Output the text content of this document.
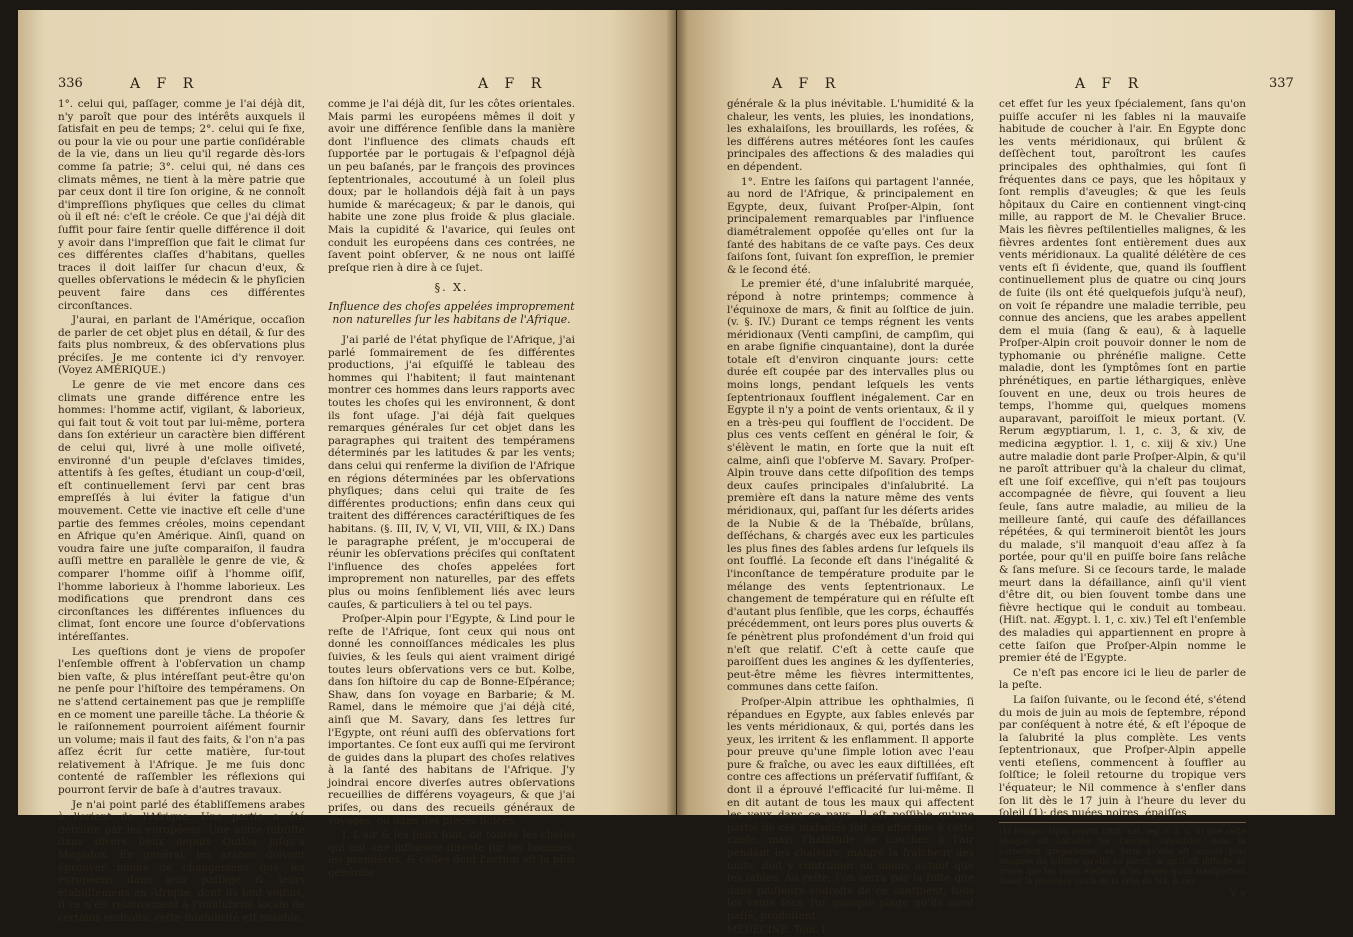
336	A F R	A F R

1°. celui qui, paſſager, comme je l'ai déjà dit, n'y paroît que pour des intérêts auxquels il ſatisfait en peu de temps; 2°. celui qui ſe fixe, ou pour la vie ou pour une partie conſidérable de la vie, dans un lieu qu'il regarde dès-lors comme ſa patrie; 3°. celui qui, né dans ces climats mêmes, ne tient à la mère patrie que par ceux dont il tire ſon origine, & ne connoît d'impreſſions phyſiques que celles du climat où il eſt né: c'eſt le créole. Ce que j'ai déjà dit ſuffit pour faire ſentir quelle différence il doit y avoir dans l'impreſſion que fait le climat ſur ces différentes claſſes d'habitans, quelles traces il doit laiſſer ſur chacun d'eux, & quelles obſervations le médecin & le phyſicien peuvent faire dans ces différentes circonſtances.

J'aurai, en parlant de l'Amérique, occaſion de parler de cet objet plus en détail, & ſur des faits plus nombreux, & des obſervations plus préciſes. Je me contente ici d'y renvoyer. (Voyez AMÉRIQUE.)

Le genre de vie met encore dans ces climats une grande différence entre les hommes: l'homme actif, vigilant, & laborieux, qui fait tout & voit tout par lui-même, portera dans ſon extérieur un caractère bien différent de celui qui, livré à une molle oiſiveté, environné d'un peuple d'eſclaves timides, attentifs à ſes geſtes, étudiant un coup-d'œil, eſt continuellement ſervi par cent bras empreſſés à lui éviter la fatigue d'un mouvement. Cette vie inactive eſt celle d'une partie des femmes créoles, moins cependant en Afrique qu'en Amérique. Ainſi, quand on voudra faire une juſte comparaiſon, il faudra auſſi mettre en parallèle le genre de vie, & comparer l'homme oiſif à l'homme oiſif, l'homme laborieux à l'homme laborieux. Les modifications que prendront dans ces circonſtances les différentes influences du climat, ſont encore une ſource d'obſervations intéreſſantes.

Les queſtions dont je viens de propoſer l'enſemble offrent à l'obſervation un champ bien vaſte, & plus intéreſſant peut-être qu'on ne penſe pour l'hiſtoire des tempéramens. On ne s'attend certainement pas que je rempliſſe en ce moment une pareille tâche. La théorie & le raiſonnement pourroient aiſément fournir un volume; mais il faut des faits, & l'on n'a pas aſſez écrit ſur cette matière, ſur-tout relativement à l'Afrique. Je me ſuis donc contenté de raſſembler les réflexions qui pourront ſervir de baſe à d'autres travaux.

Je n'ai point parlé des établiſſemens arabes à l'orient de l'Afrique. Une partie a été détruite par les européens. Une autre ſubſiſte dans divers lieux depuis Quiloa juſqu'à Magadox. En général, les arabes doivent éprouver moins de changemens que les européens dans leur paſſage & leurs établiſſemens en Afrique, dont ils ſont voiſins, ſi ce n'eſt relativement à l'inſalubrité locale de certains endroits: cette inſalubrité eſt notable,

comme je l'ai déjà dit, ſur les côtes orientales. Mais parmi les européens mêmes il doit y avoir une différence ſenſible dans la manière dont l'influence des climats chauds eſt ſupportée par le portugais & l'eſpagnol déjà un peu baſanés, par le françois des provinces ſeptentrionales, accoutumé à un ſoleil plus doux; par le hollandois déjà fait à un pays humide & marécageux; & par le danois, qui habite une zone plus froide & plus glaciale. Mais la cupidité & l'avarice, qui ſeules ont conduit les européens dans ces contrées, ne ſavent point obſerver, & ne nous ont laiſſé preſque rien à dire à ce ſujet.

§. X.
Influence des choſes appelées improprement non naturelles ſur les habitans de l'Afrique.

J'ai parlé de l'état phyſique de l'Afrique, j'ai parlé ſommairement de ſes différentes productions, j'ai eſquiſſé le tableau des hommes qui l'habitent; il faut maintenant montrer ces hommes dans leurs rapports avec toutes les choſes qui les environnent, & dont ils font uſage. J'ai déjà fait quelques remarques générales ſur cet objet dans les paragraphes qui traitent des tempéramens déterminés par les latitudes & par les vents; dans celui qui renferme la diviſion de l'Afrique en régions déterminées par les obſervations phyſiques; dans celui qui traite de ſes différentes productions; enfin dans ceux qui traitent des différences caractériſtiques de ſes habitans. (§. III, IV, V, VI, VII, VIII, & IX.) Dans le paragraphe préſent, je m'occuperai de réunir les obſervations préciſes qui conſtatent l'influence des choſes appelées fort improprement non naturelles, par des effets plus ou moins ſenſiblement liés avec leurs cauſes, & particuliers à tel ou tel pays.

Proſper-Alpin pour l'Egypte, & Lind pour le reſte de l'Afrique, ſont ceux qui nous ont donné les connoiſſances médicales les plus ſuivies, & les ſeuls qui aient vraiment dirigé toutes leurs obſervations vers ce but. Kolbe, dans ſon hiſtoire du cap de Bonne-Eſpérance; Shaw, dans ſon voyage en Barbarie; & M. Ramel, dans le mémoire que j'ai déjà cité, ainſi que M. Savary, dans ſes lettres ſur l'Egypte, ont réuni auſſi des obſervations fort importantes. Ce ſont eux auſſi qui me ſerviront de guides dans la plupart des choſes relatives à la ſanté des habitans de l'Afrique. J'y joindrai encore diverſes autres obſervations recueillies de différens voyageurs, & que j'ai priſes, ou dans des recueils généraux de voyages, ou dans des pièces iſolées.

I. L'air & les lieux ſont, de toutes les choſes qui ont une influence directe ſur les hommes, les premières, & celles dont l'action eſt la plus générale

A F R	A F R	337

générale & la plus inévitable. L'humidité & la chaleur, les vents, les pluies, les inondations, les exhalaiſons, les brouillards, les roſées, & les différens autres météores ſont les cauſes principales des affections & des maladies qui en dépendent.

1°. Entre les ſaiſons qui partagent l'année, au nord de l'Afrique, & principalement en Egypte, deux, ſuivant Proſper-Alpin, ſont principalement remarquables par l'influence diamétralement oppoſée qu'elles ont ſur la ſanté des habitans de ce vaſte pays. Ces deux ſaiſons ſont, ſuivant ſon expreſſion, le premier & le ſecond été.

Le premier été, d'une inſalubrité marquée, répond à notre printemps; commence à l'équinoxe de mars, & finit au ſolſtice de juin. (v. §. IV.) Durant ce temps régnent les vents méridionaux (Venti campſini, de campſim, qui en arabe ſignifie cinquantaine), dont la durée totale eſt d'environ cinquante jours: cette durée eſt coupée par des intervalles plus ou moins longs, pendant leſquels les vents ſeptentrionaux ſoufflent inégalement. Car en Egypte il n'y a point de vents orientaux, & il y en a très-peu qui ſoufflent de l'occident. De plus ces vents ceſſent en général le ſoir, & s'élèvent le matin, en ſorte que la nuit eſt calme, ainſi que l'obſerve M. Savary. Proſper-Alpin trouve dans cette diſpoſition des temps deux cauſes principales d'inſalubrité. La première eſt dans la nature même des vents méridionaux, qui, paſſant ſur les déſerts arides de la Nubie & de la Thébaïde, brûlans, deſſéchans, & chargés avec eux les particules les plus fines des ſables ardens ſur leſquels ils ont ſoufflé. La ſeconde eſt dans l'inégalité & l'inconſtance de température produite par le mélange des vents ſeptentrionaux. Le changement de température qui en réſulte eſt d'autant plus ſenſible, que les corps, échauffés précédemment, ont leurs pores plus ouverts & ſe pénètrent plus profondément d'un froid qui n'eſt que relatif. C'eſt à cette cauſe que paroiſſent dues les angines & les dyſſenteries, peut-être même les fièvres intermittentes, communes dans cette ſaiſon.

Proſper-Alpin attribue les ophthalmies, ſi répandues en Egypte, aux ſables enlevés par les vents méridionaux, & qui, portés dans les yeux, les irritent & les enflamment. Il apporte pour preuve qu'une ſimple lotion avec l'eau pure & fraîche, ou avec les eaux diſtillées, eſt contre ces affections un préſervatif ſuffiſant, & dont il a éprouvé l'efficacité ſur lui-même. Il en dit autant de tous les maux qui affectent les yeux dans ce pays. Il eſt poſſible qu'une partie de ces maladies ſoit en effet due à cette cauſe; mais l'habitude de coucher à l'air pendant les chaleurs, malgré la fraîcheur des nuits, doit y contribuer au moins autant que les ſables. Au reſte, l'on verra par la ſuite que dans pluſieurs endroits de ce continent, tous les vents ſecs, ſur quelque plage qu'ils aient paſſé, produiſent

MÉDECINE. Tom. I.

cet effet ſur les yeux ſpécialement, ſans qu'on puiſſe accuſer ni les ſables ni la mauvaiſe habitude de coucher à l'air. En Egypte donc les vents méridionaux, qui brûlent & deſſèchent tout, paroîtront les cauſes principales des ophthalmies, qui ſont ſi fréquentes dans ce pays, que les hôpitaux y ſont remplis d'aveugles; & que les ſeuls hôpitaux du Caire en contiennent vingt-cinq mille, au rapport de M. le Chevalier Bruce. Mais les fièvres peſtilentielles malignes, & les fièvres ardentes ſont entièrement dues aux vents méridionaux. La qualité délétère de ces vents eſt ſi évidente, que, quand ils ſoufflent continuellement plus de quatre ou cinq jours de ſuite (ils ont été quelquefois juſqu'à neuf), on voit ſe répandre une maladie terrible, peu connue des anciens, que les arabes appellent dem el muia (ſang & eau), & à laquelle Proſper-Alpin croit pouvoir donner le nom de typhomanie ou phrénéſie maligne. Cette maladie, dont les ſymptômes ſont en partie phrénétiques, en partie léthargiques, enlève ſouvent en une, deux ou trois heures de temps, l'homme qui, quelques momens auparavant, paroiſſoit le mieux portant. (V. Rerum ægyptiarum, l. 1, c. 3, & xiv, de medicina ægyptior. l. 1, c. xiij & xiv.) Une autre maladie dont parle Proſper-Alpin, & qu'il ne paroît attribuer qu'à la chaleur du climat, eſt une ſoif exceſſive, qui n'eſt pas toujours accompagnée de fièvre, qui ſouvent a lieu ſeule, ſans autre maladie, au milieu de la meilleure ſanté, qui cauſe des défaillances répétées, & qui termineroit bientôt les jours du malade, s'il manquoit d'eau aſſez à ſa portée, pour qu'il en puiſſe boire ſans relâche & ſans meſure. Si ce ſecours tarde, le malade meurt dans la défaillance, ainſi qu'il vient d'être dit, ou bien ſouvent tombe dans une fièvre hectique qui le conduit au tombeau. (Hiſt. nat. Ægypt. l. 1, c. xiv.) Tel eſt l'enſemble des maladies qui appartiennent en propre à cette ſaiſon que Proſper-Alpin nomme le premier été de l'Egypte.

Ce n'eſt pas encore ici le lieu de parler de la peſte.

La ſaiſon ſuivante, ou le ſecond été, s'étend du mois de juin au mois de ſeptembre, répond par conſéquent à notre été, & eſt l'époque de la ſalubrité la plus complète. Les vents ſeptentrionaux, que Proſper-Alpin appelle venti eteſiens, commencent à ſouffler au ſolſtice; le ſoleil retourne du tropique vers l'équateur; le Nil commence à s'enfler dans ſon lit dès le 17 juin à l'heure du lever du ſoleil (1); des nuées noires, épaiſſes,

(1) Proſper-Alpin avertit (Hiſt. nat. æg. l. 1, c. 8) que cette époque eſt calculée ſur l'ancien calendrier, dans la correction grégorienne; en ſorte qu'elle eſt encore plus éloignée du ſolſtice qu'elle ne paroît, & qu'il eſt difficile de croire que les vents éteſiens & les nuées qu'ils tranſportent ſoient la première cauſe de la crue du Nil; & ces

V v
